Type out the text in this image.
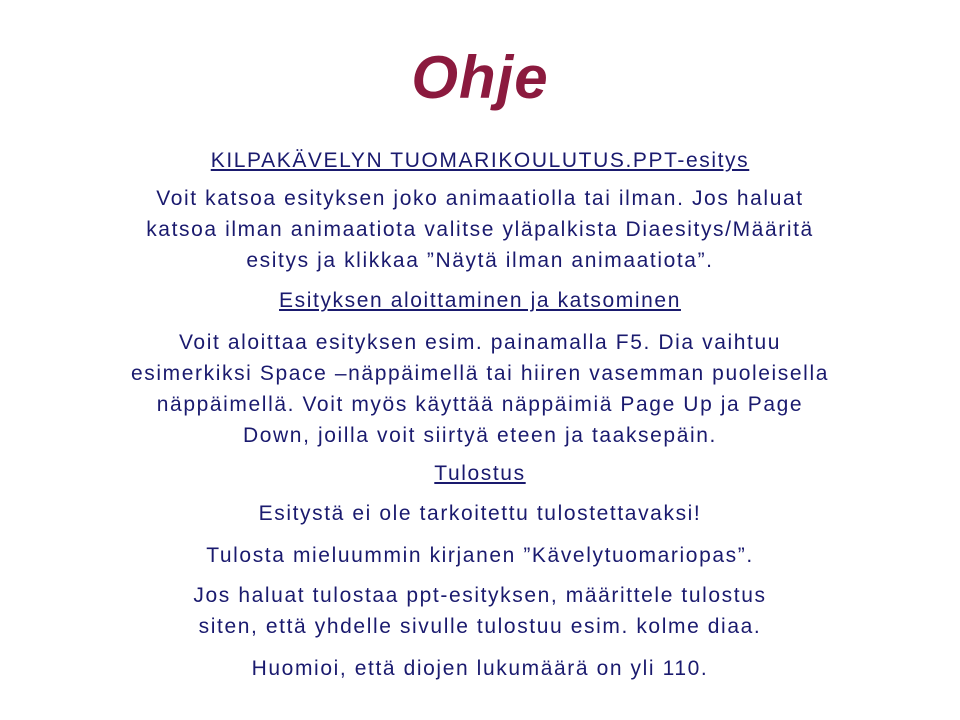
Ohje
KILPAKÄVELYN TUOMARIKOULUTUS.PPT-esitys
Voit katsoa esityksen joko animaatiolla tai ilman. Jos haluat
katsoa ilman animaatiota valitse yläpalkista Diaesitys/Määritä
esitys ja klikkaa ”Näytä ilman animaatiota”.
Esityksen aloittaminen ja katsominen
Voit aloittaa esityksen esim. painamalla F5. Dia vaihtuu
esimerkiksi Space –näppäimellä tai hiiren vasemman puoleisella
näppäimellä. Voit myös käyttää näppäimiä Page Up ja Page
Down, joilla voit siirtyä eteen ja taaksepäin.
Tulostus
Esitystä ei ole tarkoitettu tulostettavaksi!
Tulosta mieluummin kirjanen ”Kävelytuomariopas”.
Jos haluat tulostaa ppt-esityksen, määrittele tulostus
siten, että yhdelle sivulle tulostuu esim. kolme diaa.
Huomioi, että diojen lukumäärä on yli 110.
